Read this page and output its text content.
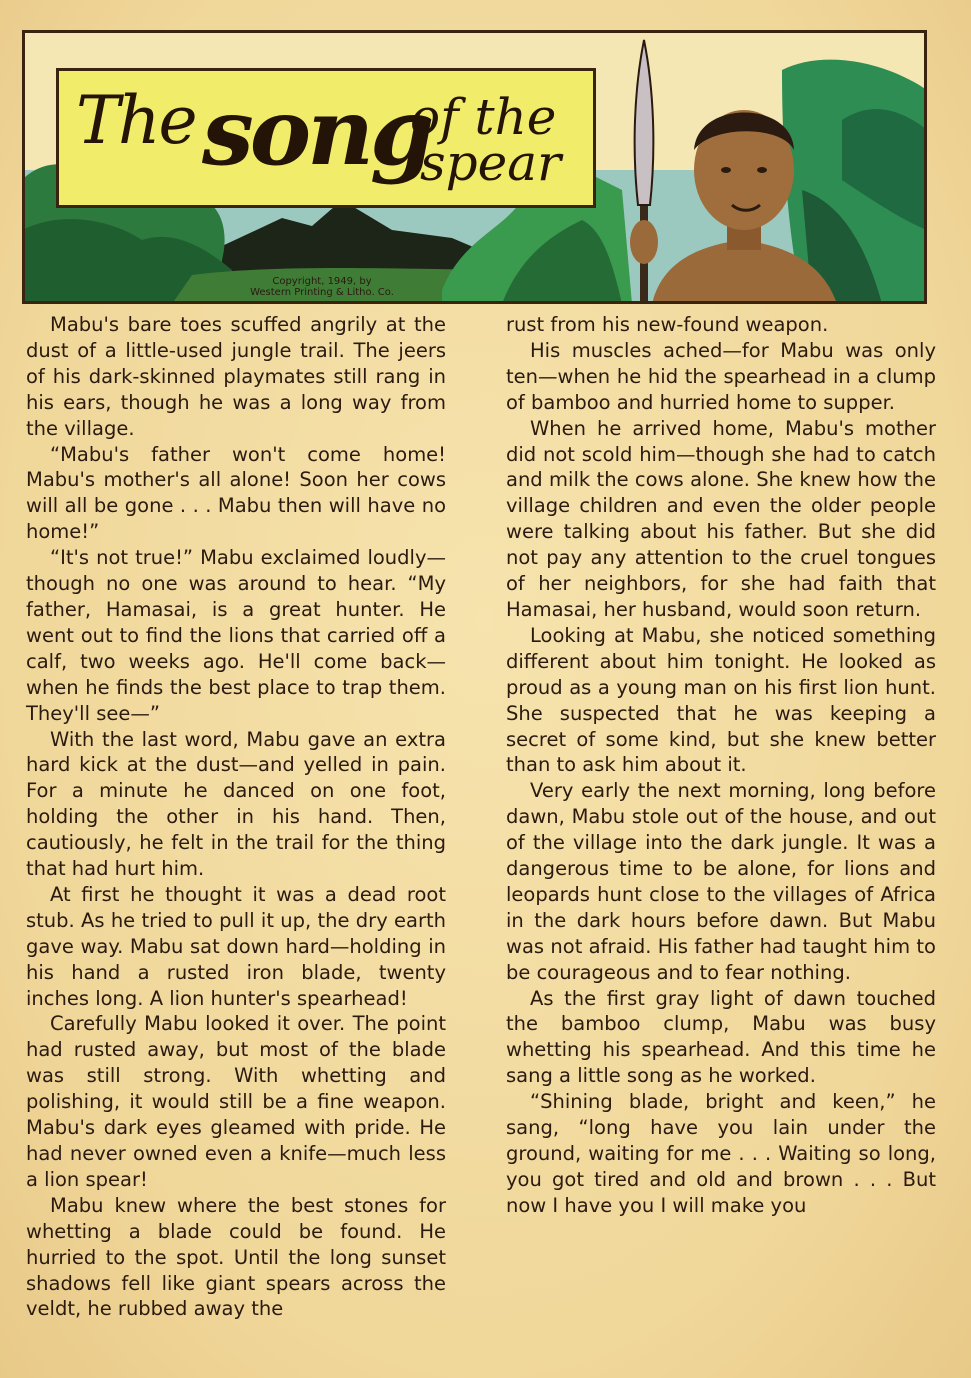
The song
of the
spear
Copyright, 1949, by
Western Printing & Litho. Co.

Mabu's bare toes scuffed angrily at the dust of a little-used jungle trail. The jeers of his dark-skinned playmates still rang in his ears, though he was a long way from the village.

“Mabu's father won't come home! Mabu's mother's all alone! Soon her cows will all be gone . . . Mabu then will have no home!”

“It's not true!” Mabu exclaimed loudly—though no one was around to hear. “My father, Hamasai, is a great hunter. He went out to find the lions that carried off a calf, two weeks ago. He'll come back—when he finds the best place to trap them. They'll see—”

With the last word, Mabu gave an extra hard kick at the dust—and yelled in pain. For a minute he danced on one foot, holding the other in his hand. Then, cautiously, he felt in the trail for the thing that had hurt him.

At first he thought it was a dead root stub. As he tried to pull it up, the dry earth gave way. Mabu sat down hard—holding in his hand a rusted iron blade, twenty inches long. A lion hunter's spearhead!

Carefully Mabu looked it over. The point had rusted away, but most of the blade was still strong. With whetting and polishing, it would still be a fine weapon. Mabu's dark eyes gleamed with pride. He had never owned even a knife—much less a lion spear!

Mabu knew where the best stones for whetting a blade could be found. He hurried to the spot. Until the long sunset shadows fell like giant spears across the veldt, he rubbed away the

rust from his new-found weapon.

His muscles ached—for Mabu was only ten—when he hid the spearhead in a clump of bamboo and hurried home to supper.

When he arrived home, Mabu's mother did not scold him—though she had to catch and milk the cows alone. She knew how the village children and even the older people were talking about his father. But she did not pay any attention to the cruel tongues of her neighbors, for she had faith that Hamasai, her husband, would soon return.

Looking at Mabu, she noticed something different about him tonight. He looked as proud as a young man on his first lion hunt. She suspected that he was keeping a secret of some kind, but she knew better than to ask him about it.

Very early the next morning, long before dawn, Mabu stole out of the house, and out of the village into the dark jungle. It was a dangerous time to be alone, for lions and leopards hunt close to the villages of Africa in the dark hours before dawn. But Mabu was not afraid. His father had taught him to be courageous and to fear nothing.

As the first gray light of dawn touched the bamboo clump, Mabu was busy whetting his spearhead. And this time he sang a little song as he worked.

“Shining blade, bright and keen,” he sang, “long have you lain under the ground, waiting for me . . . Waiting so long, you got tired and old and brown . . . But now I have you I will make you
